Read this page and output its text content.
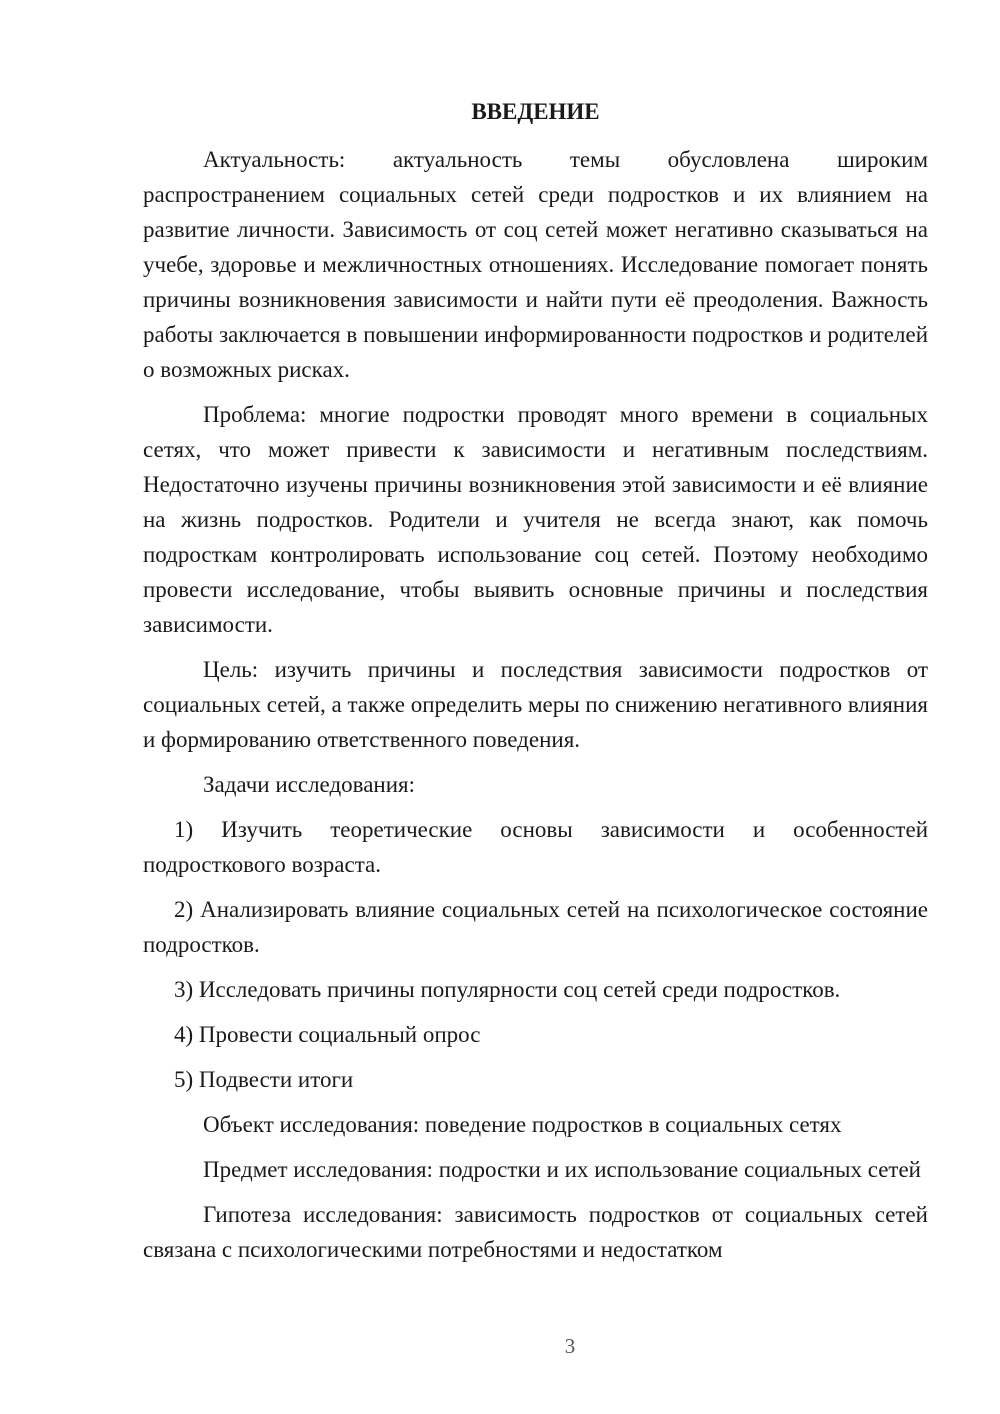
ВВЕДЕНИЕ

Актуальность: актуальность темы обусловлена широким распространением социальных сетей среди подростков и их влиянием на развитие личности. Зависимость от соц сетей может негативно сказываться на учебе, здоровье и межличностных отношениях. Исследование помогает понять причины возникновения зависимости и найти пути её преодоления. Важность работы заключается в повышении информированности подростков и родителей о возможных рисках.

Проблема: многие подростки проводят много времени в социальных сетях, что может привести к зависимости и негативным последствиям. Недостаточно изучены причины возникновения этой зависимости и её влияние на жизнь подростков. Родители и учителя не всегда знают, как помочь подросткам контролировать использование соц сетей. Поэтому необходимо провести исследование, чтобы выявить основные причины и последствия зависимости.

Цель: изучить причины и последствия зависимости подростков от социальных сетей, а также определить меры по снижению негативного влияния и формированию ответственного поведения.

Задачи исследования:

1) Изучить теоретические основы зависимости и особенностей подросткового возраста.

2) Анализировать влияние социальных сетей на психологическое состояние подростков.

3) Исследовать причины популярности соц сетей среди подростков.

4) Провести социальный опрос

5) Подвести итоги

Объект исследования: поведение подростков в социальных сетях

Предмет исследования: подростки и их использование социальных сетей

Гипотеза исследования: зависимость подростков от социальных сетей связана с психологическими потребностями и недостатком

3
